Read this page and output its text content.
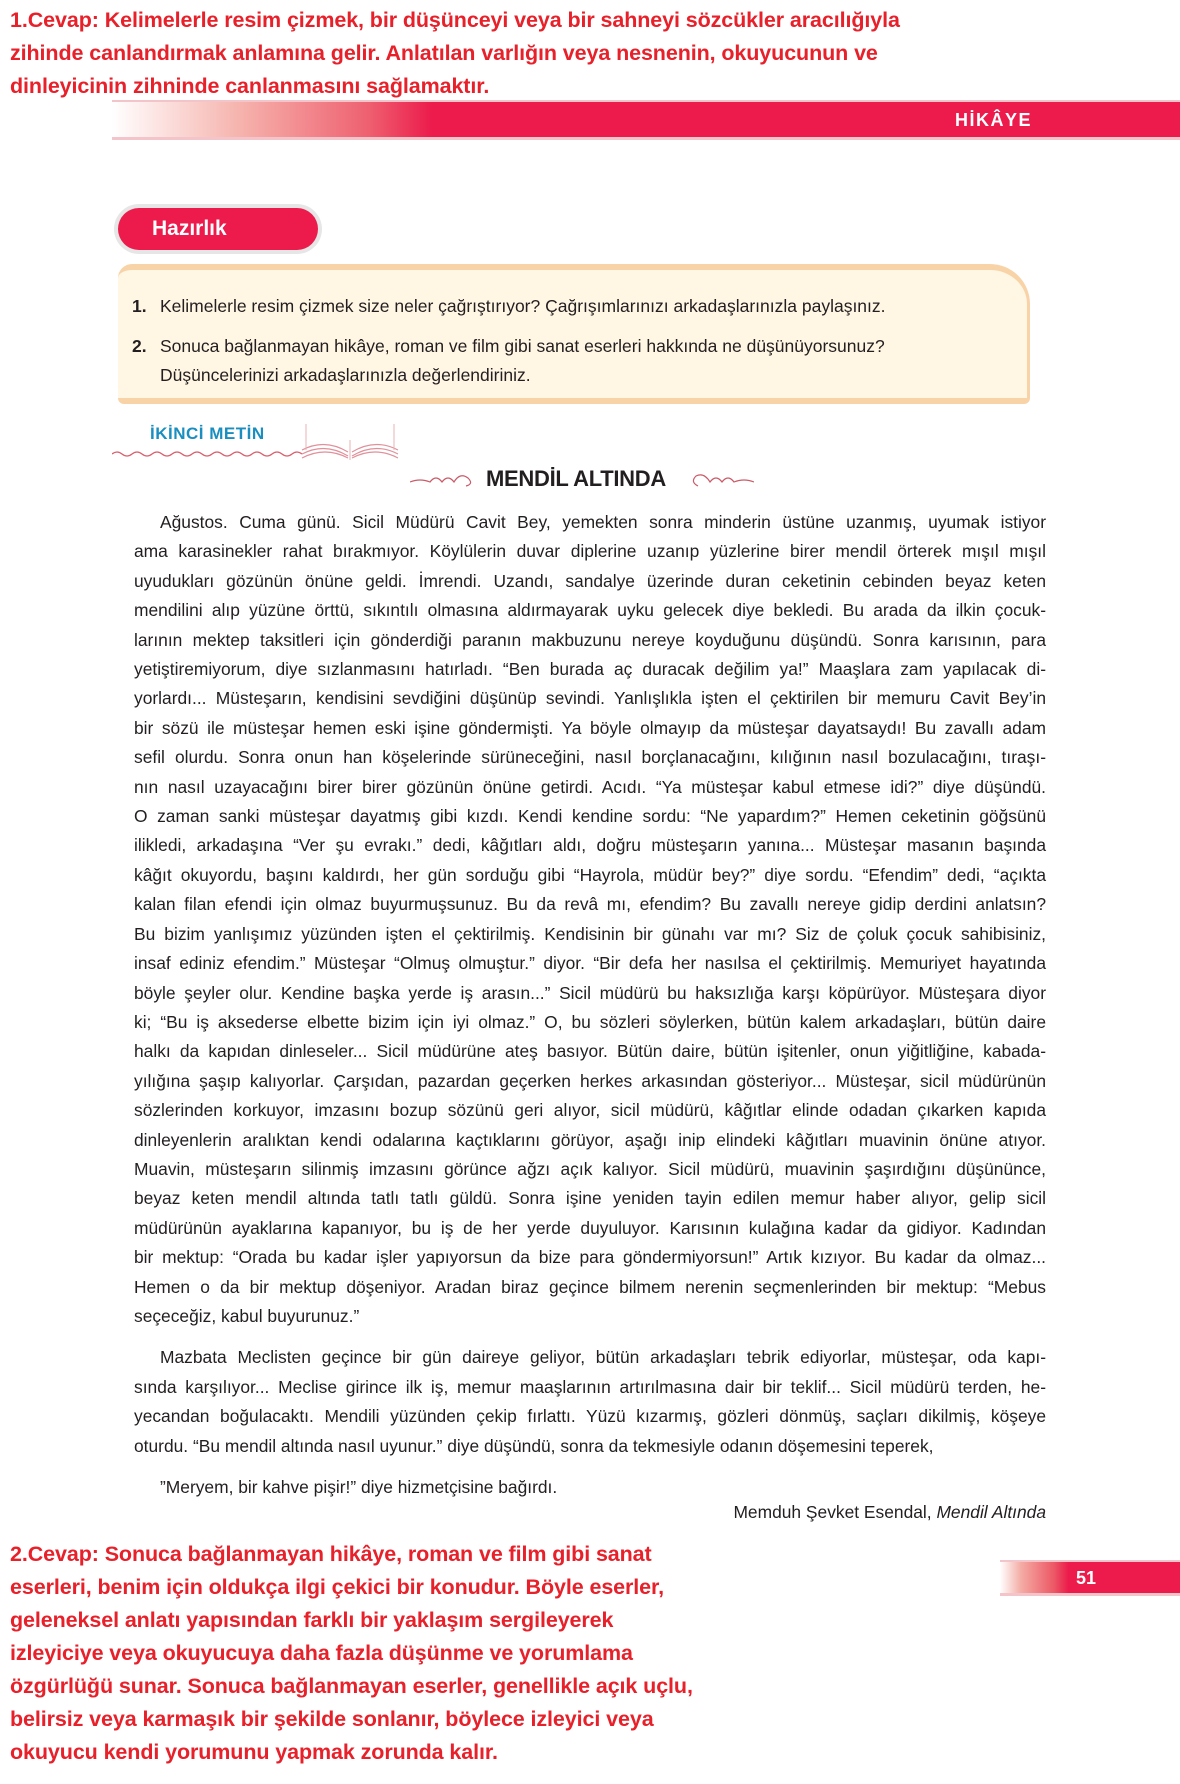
1.Cevap: Kelimelerle resim çizmek, bir düşünceyi veya bir sahneyi sözcükler aracılığıyla
zihinde canlandırmak anlamına gelir. Anlatılan varlığın veya nesnenin, okuyucunun ve
dinleyicinin zihninde canlanmasını sağlamaktır.
HİKÂYE
Hazırlık
1. Kelimelerle resim çizmek size neler çağrıştırıyor? Çağrışımlarınızı arkadaşlarınızla paylaşınız.
2. Sonuca bağlanmayan hikâye, roman ve film gibi sanat eserleri hakkında ne düşünüyorsunuz? Düşüncelerinizi arkadaşlarınızla değerlendiriniz.
İKİNCİ METİN
MENDİL ALTINDA
Ağustos. Cuma günü. Sicil Müdürü Cavit Bey, yemekten sonra minderin üstüne uzanmış, uyumak istiyor
ama karasinekler rahat bırakmıyor. Köylülerin duvar diplerine uzanıp yüzlerine birer mendil örterek mışıl mışıl
uyudukları gözünün önüne geldi. İmrendi. Uzandı, sandalye üzerinde duran ceketinin cebinden beyaz keten
mendilini alıp yüzüne örttü, sıkıntılı olmasına aldırmayarak uyku gelecek diye bekledi. Bu arada da ilkin çocuk-
larının mektep taksitleri için gönderdiği paranın makbuzunu nereye koyduğunu düşündü. Sonra karısının, para
yetiştiremiyorum, diye sızlanmasını hatırladı. “Ben burada aç duracak değilim ya!” Maaşlara zam yapılacak di-
yorlardı... Müsteşarın, kendisini sevdiğini düşünüp sevindi. Yanlışlıkla işten el çektirilen bir memuru Cavit Bey’in
bir sözü ile müsteşar hemen eski işine göndermişti. Ya böyle olmayıp da müsteşar dayatsaydı! Bu zavallı adam
sefil olurdu. Sonra onun han köşelerinde sürüneceğini, nasıl borçlanacağını, kılığının nasıl bozulacağını, tıraşı-
nın nasıl uzayacağını birer birer gözünün önüne getirdi. Acıdı. “Ya müsteşar kabul etmese idi?” diye düşündü.
O zaman sanki müsteşar dayatmış gibi kızdı. Kendi kendine sordu: “Ne yapardım?” Hemen ceketinin göğsünü
ilikledi, arkadaşına “Ver şu evrakı.” dedi, kâğıtları aldı, doğru müsteşarın yanına... Müsteşar masanın başında
kâğıt okuyordu, başını kaldırdı, her gün sorduğu gibi “Hayrola, müdür bey?” diye sordu. “Efendim” dedi, “açıkta
kalan filan efendi için olmaz buyurmuşsunuz. Bu da revâ mı, efendim? Bu zavallı nereye gidip derdini anlatsın?
Bu bizim yanlışımız yüzünden işten el çektirilmiş. Kendisinin bir günahı var mı? Siz de çoluk çocuk sahibisiniz,
insaf ediniz efendim.” Müsteşar “Olmuş olmuştur.” diyor. “Bir defa her nasılsa el çektirilmiş. Memuriyet hayatında
böyle şeyler olur. Kendine başka yerde iş arasın...” Sicil müdürü bu haksızlığa karşı köpürüyor. Müsteşara diyor
ki; “Bu iş aksederse elbette bizim için iyi olmaz.” O, bu sözleri söylerken, bütün kalem arkadaşları, bütün daire
halkı da kapıdan dinleseler... Sicil müdürüne ateş basıyor. Bütün daire, bütün işitenler, onun yiğitliğine, kabada-
yılığına şaşıp kalıyorlar. Çarşıdan, pazardan geçerken herkes arkasından gösteriyor... Müsteşar, sicil müdürünün
sözlerinden korkuyor, imzasını bozup sözünü geri alıyor, sicil müdürü, kâğıtlar elinde odadan çıkarken kapıda
dinleyenlerin aralıktan kendi odalarına kaçtıklarını görüyor, aşağı inip elindeki kâğıtları muavinin önüne atıyor.
Muavin, müsteşarın silinmiş imzasını görünce ağzı açık kalıyor. Sicil müdürü, muavinin şaşırdığını düşününce,
beyaz keten mendil altında tatlı tatlı güldü. Sonra işine yeniden tayin edilen memur haber alıyor, gelip sicil
müdürünün ayaklarına kapanıyor, bu iş de her yerde duyuluyor. Karısının kulağına kadar da gidiyor. Kadından
bir mektup: “Orada bu kadar işler yapıyorsun da bize para göndermiyorsun!” Artık kızıyor. Bu kadar da olmaz...
Hemen o da bir mektup döşeniyor. Aradan biraz geçince bilmem nerenin seçmenlerinden bir mektup: “Mebus
seçeceğiz, kabul buyurunuz.”
Mazbata Meclisten geçince bir gün daireye geliyor, bütün arkadaşları tebrik ediyorlar, müsteşar, oda kapı-
sında karşılıyor... Meclise girince ilk iş, memur maaşlarının artırılmasına dair bir teklif... Sicil müdürü terden, he-
yecandan boğulacaktı. Mendili yüzünden çekip fırlattı. Yüzü kızarmış, gözleri dönmüş, saçları dikilmiş, köşeye
oturdu. “Bu mendil altında nasıl uyunur.” diye düşündü, sonra da tekmesiyle odanın döşemesini teperek,
”Meryem, bir kahve pişir!” diye hizmetçisine bağırdı.
Memduh Şevket Esendal, Mendil Altında
2.Cevap: Sonuca bağlanmayan hikâye, roman ve film gibi sanat
eserleri, benim için oldukça ilgi çekici bir konudur. Böyle eserler,
geleneksel anlatı yapısından farklı bir yaklaşım sergileyerek
izleyiciye veya okuyucuya daha fazla düşünme ve yorumlama
özgürlüğü sunar. Sonuca bağlanmayan eserler, genellikle açık uçlu,
belirsiz veya karmaşık bir şekilde sonlanır, böylece izleyici veya
okuyucu kendi yorumunu yapmak zorunda kalır.
51
